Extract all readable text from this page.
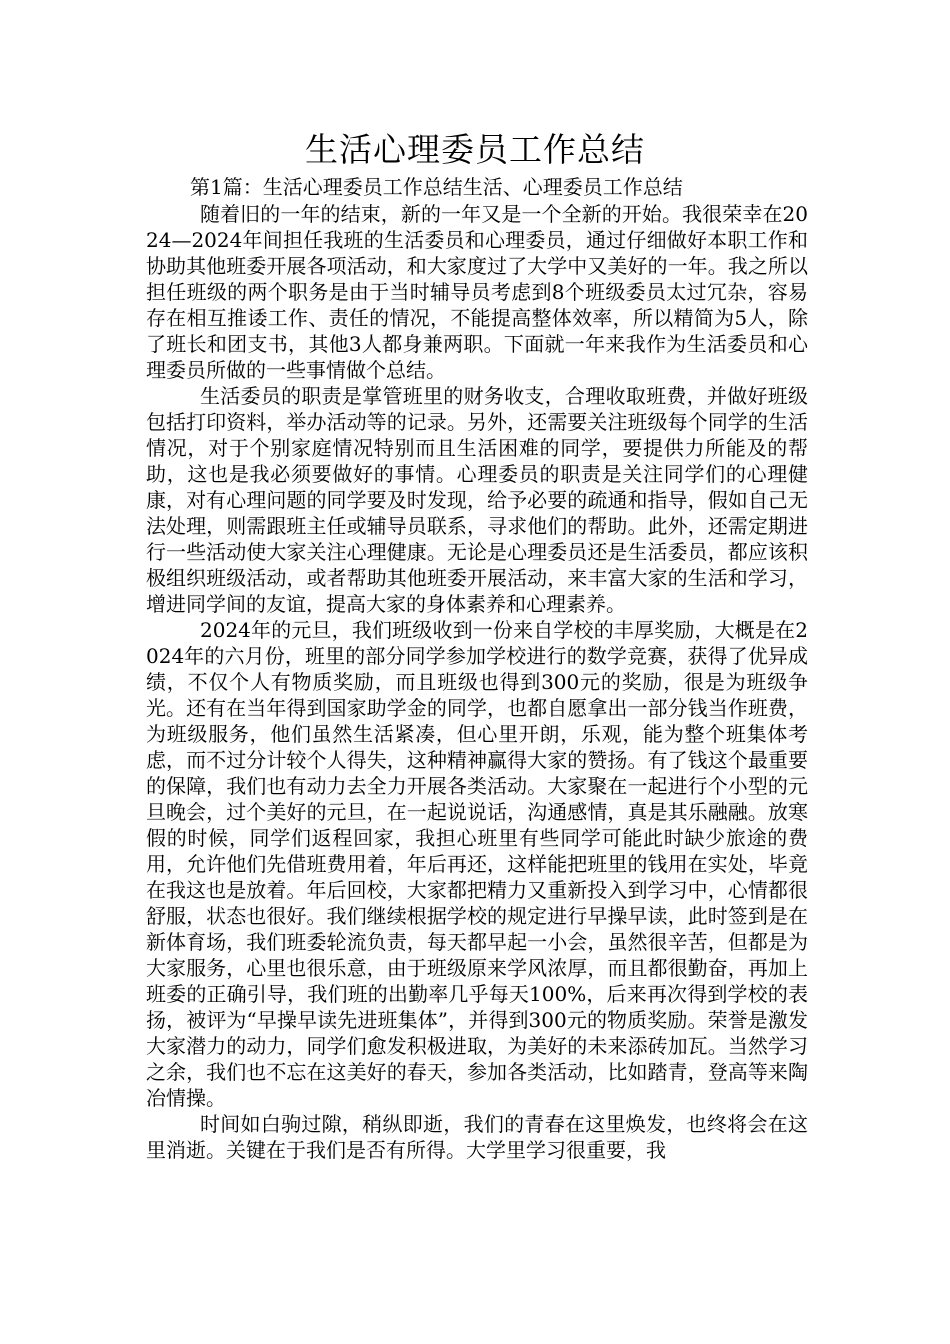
生活心理委员工作总结

第1篇：生活心理委员工作总结生活、心理委员工作总结

随着旧的一年的结束，新的一年又是一个全新的开始。我很荣幸在2024—2024年间担任我班的生活委员和心理委员，通过仔细做好本职工作和协助其他班委开展各项活动，和大家度过了大学中又美好的一年。我之所以担任班级的两个职务是由于当时辅导员考虑到8个班级委员太过冗杂，容易存在相互推诿工作、责任的情况，不能提高整体效率，所以精简为5人，除了班长和团支书，其他3人都身兼两职。下面就一年来我作为生活委员和心理委员所做的一些事情做个总结。

生活委员的职责是掌管班里的财务收支，合理收取班费，并做好班级包括打印资料，举办活动等的记录。另外，还需要关注班级每个同学的生活情况，对于个别家庭情况特别而且生活困难的同学，要提供力所能及的帮助，这也是我必须要做好的事情。心理委员的职责是关注同学们的心理健康，对有心理问题的同学要及时发现，给予必要的疏通和指导，假如自己无法处理，则需跟班主任或辅导员联系，寻求他们的帮助。此外，还需定期进行一些活动使大家关注心理健康。无论是心理委员还是生活委员，都应该积极组织班级活动，或者帮助其他班委开展活动，来丰富大家的生活和学习，增进同学间的友谊，提高大家的身体素养和心理素养。

2024年的元旦，我们班级收到一份来自学校的丰厚奖励，大概是在2024年的六月份，班里的部分同学参加学校进行的数学竞赛，获得了优异成绩，不仅个人有物质奖励，而且班级也得到300元的奖励，很是为班级争光。还有在当年得到国家助学金的同学，也都自愿拿出一部分钱当作班费，为班级服务，他们虽然生活紧凑，但心里开朗，乐观，能为整个班集体考虑，而不过分计较个人得失，这种精神赢得大家的赞扬。有了钱这个最重要的保障，我们也有动力去全力开展各类活动。大家聚在一起进行个小型的元旦晚会，过个美好的元旦，在一起说说话，沟通感情，真是其乐融融。放寒假的时候，同学们返程回家，我担心班里有些同学可能此时缺少旅途的费用，允许他们先借班费用着，年后再还，这样能把班里的钱用在实处，毕竟在我这也是放着。年后回校，大家都把精力又重新投入到学习中，心情都很舒服，状态也很好。我们继续根据学校的规定进行早操早读，此时签到是在新体育场，我们班委轮流负责，每天都早起一小会，虽然很辛苦，但都是为大家服务，心里也很乐意，由于班级原来学风浓厚，而且都很勤奋，再加上班委的正确引导，我们班的出勤率几乎每天100%，后来再次得到学校的表扬，被评为“早操早读先进班集体”，并得到300元的物质奖励。荣誉是激发大家潜力的动力，同学们愈发积极进取，为美好的未来添砖加瓦。当然学习之余，我们也不忘在这美好的春天，参加各类活动，比如踏青，登高等来陶冶情操。

时间如白驹过隙，稍纵即逝，我们的青春在这里焕发，也终将会在这里消逝。关键在于我们是否有所得。大学里学习很重要，我
